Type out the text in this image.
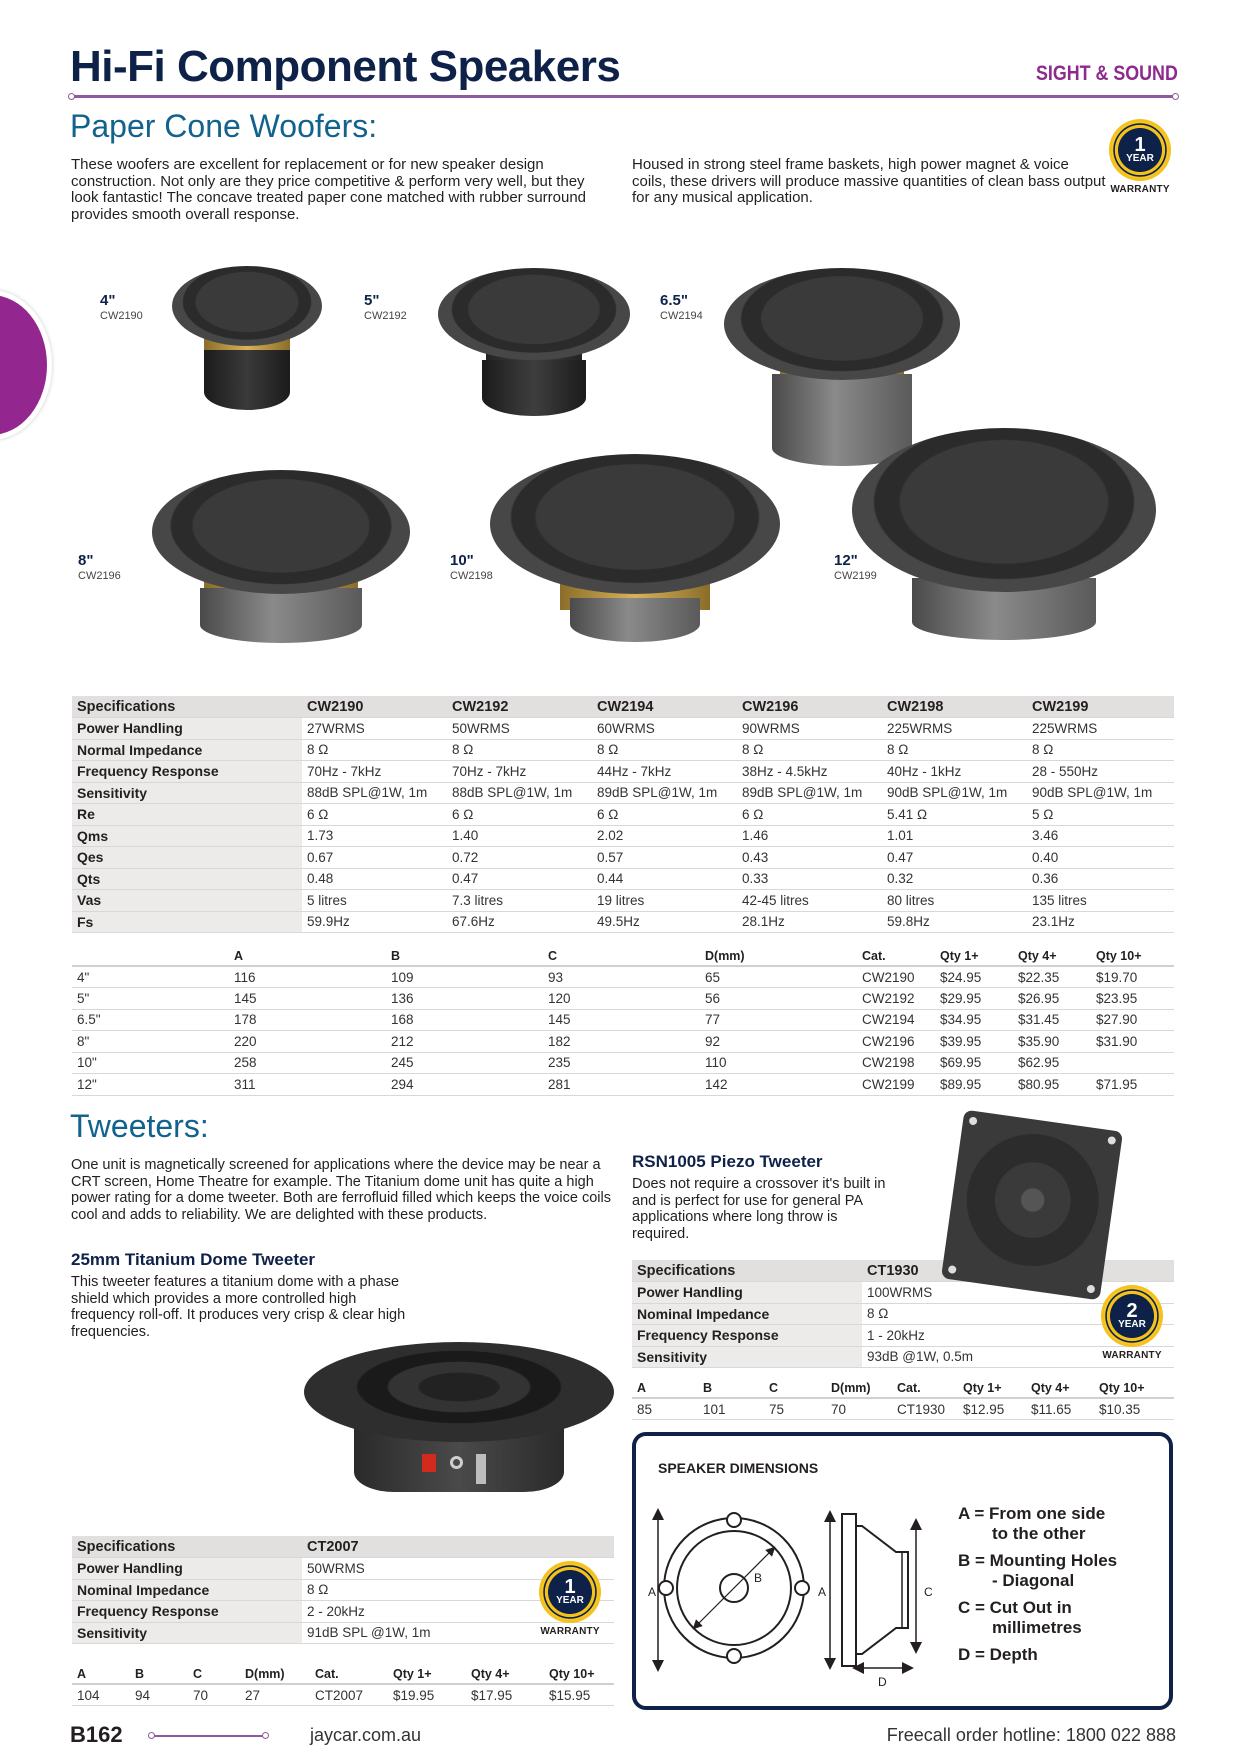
Hi-Fi Component Speakers	SIGHT & SOUND
Paper Cone Woofers:

These woofers are excellent for replacement or for new speaker design construction. Not only are they price competitive & perform very well, but they look fantastic! The concave treated paper cone matched with rubber surround provides smooth overall response.

Housed in strong steel frame baskets, high power magnet & voice coils, these drivers will produce massive quantities of clean bass output for any musical application.

1
YEAR
WARRANTY
4"
CW2190
5"
CW2192
6.5"
CW2194
8"
CW2196
10"
CW2198
12"
CW2199
Specifications	CW2190	CW2192	CW2194	CW2196	CW2198	CW2199
Power Handling	27WRMS	50WRMS	60WRMS	90WRMS	225WRMS	225WRMS
Normal Impedance	8 Ω	8 Ω	8 Ω	8 Ω	8 Ω	8 Ω
Frequency Response	70Hz - 7kHz	70Hz - 7kHz	44Hz - 7kHz	38Hz - 4.5kHz	40Hz - 1kHz	28 - 550Hz
Sensitivity	88dB SPL@1W, 1m	88dB SPL@1W, 1m	89dB SPL@1W, 1m	89dB SPL@1W, 1m	90dB SPL@1W, 1m	90dB SPL@1W, 1m
Re	6 Ω	6 Ω	6 Ω	6 Ω	5.41 Ω	5 Ω
Qms	1.73	1.40	2.02	1.46	1.01	3.46
Qes	0.67	0.72	0.57	0.43	0.47	0.40
Qts	0.48	0.47	0.44	0.33	0.32	0.36
Vas	5 litres	7.3 litres	19 litres	42-45 litres	80 litres	135 litres
Fs	59.9Hz	67.6Hz	49.5Hz	28.1Hz	59.8Hz	23.1Hz
	A	B	C	D(mm)	Cat.	Qty 1+	Qty 4+	Qty 10+
4"	116	109	93	65	CW2190	$24.95	$22.35	$19.70
5"	145	136	120	56	CW2192	$29.95	$26.95	$23.95
6.5"	178	168	145	77	CW2194	$34.95	$31.45	$27.90
8"	220	212	182	92	CW2196	$39.95	$35.90	$31.90
10"	258	245	235	110	CW2198	$69.95	$62.95	
12"	311	294	281	142	CW2199	$89.95	$80.95	$71.95
Tweeters:

One unit is magnetically screened for applications where the device may be near a CRT screen, Home Theatre for example. The Titanium dome unit has quite a high power rating for a dome tweeter. Both are ferrofluid filled which keeps the voice coils cool and adds to reliability. We are delighted with these products.

25mm Titanium Dome Tweeter

This tweeter features a titanium dome with a phase shield which provides a more controlled high frequency roll-off. It produces very crisp & clear high frequencies.

Specifications	CT2007
Power Handling	50WRMS
Nominal Impedance	8 Ω
Frequency Response	2 - 20kHz
Sensitivity	91dB SPL @1W, 1m
1
YEAR
WARRANTY
A	B	C	D(mm)	Cat.	Qty 1+	Qty 4+	Qty 10+
104	94	70	27	CT2007	$19.95	$17.95	$15.95
RSN1005 Piezo Tweeter

Does not require a crossover it's built in and is perfect for use for general PA applications where long throw is required.

Specifications	CT1930
Power Handling	100WRMS
Nominal Impedance	8 Ω
Frequency Response	1 - 20kHz
Sensitivity	93dB @1W, 0.5m
2
YEAR
WARRANTY
A	B	C	D(mm)	Cat.	Qty 1+	Qty 4+	Qty 10+
85	101	75	70	CT1930	$12.95	$11.65	$10.35
SPEAKER DIMENSIONS
A
B
A	C
D
A = From one side
to the other
B = Mounting Holes
- Diagonal
C = Cut Out in
millimetres
D = Depth
B162	jaycar.com.au	Freecall order hotline: 1800 022 888
